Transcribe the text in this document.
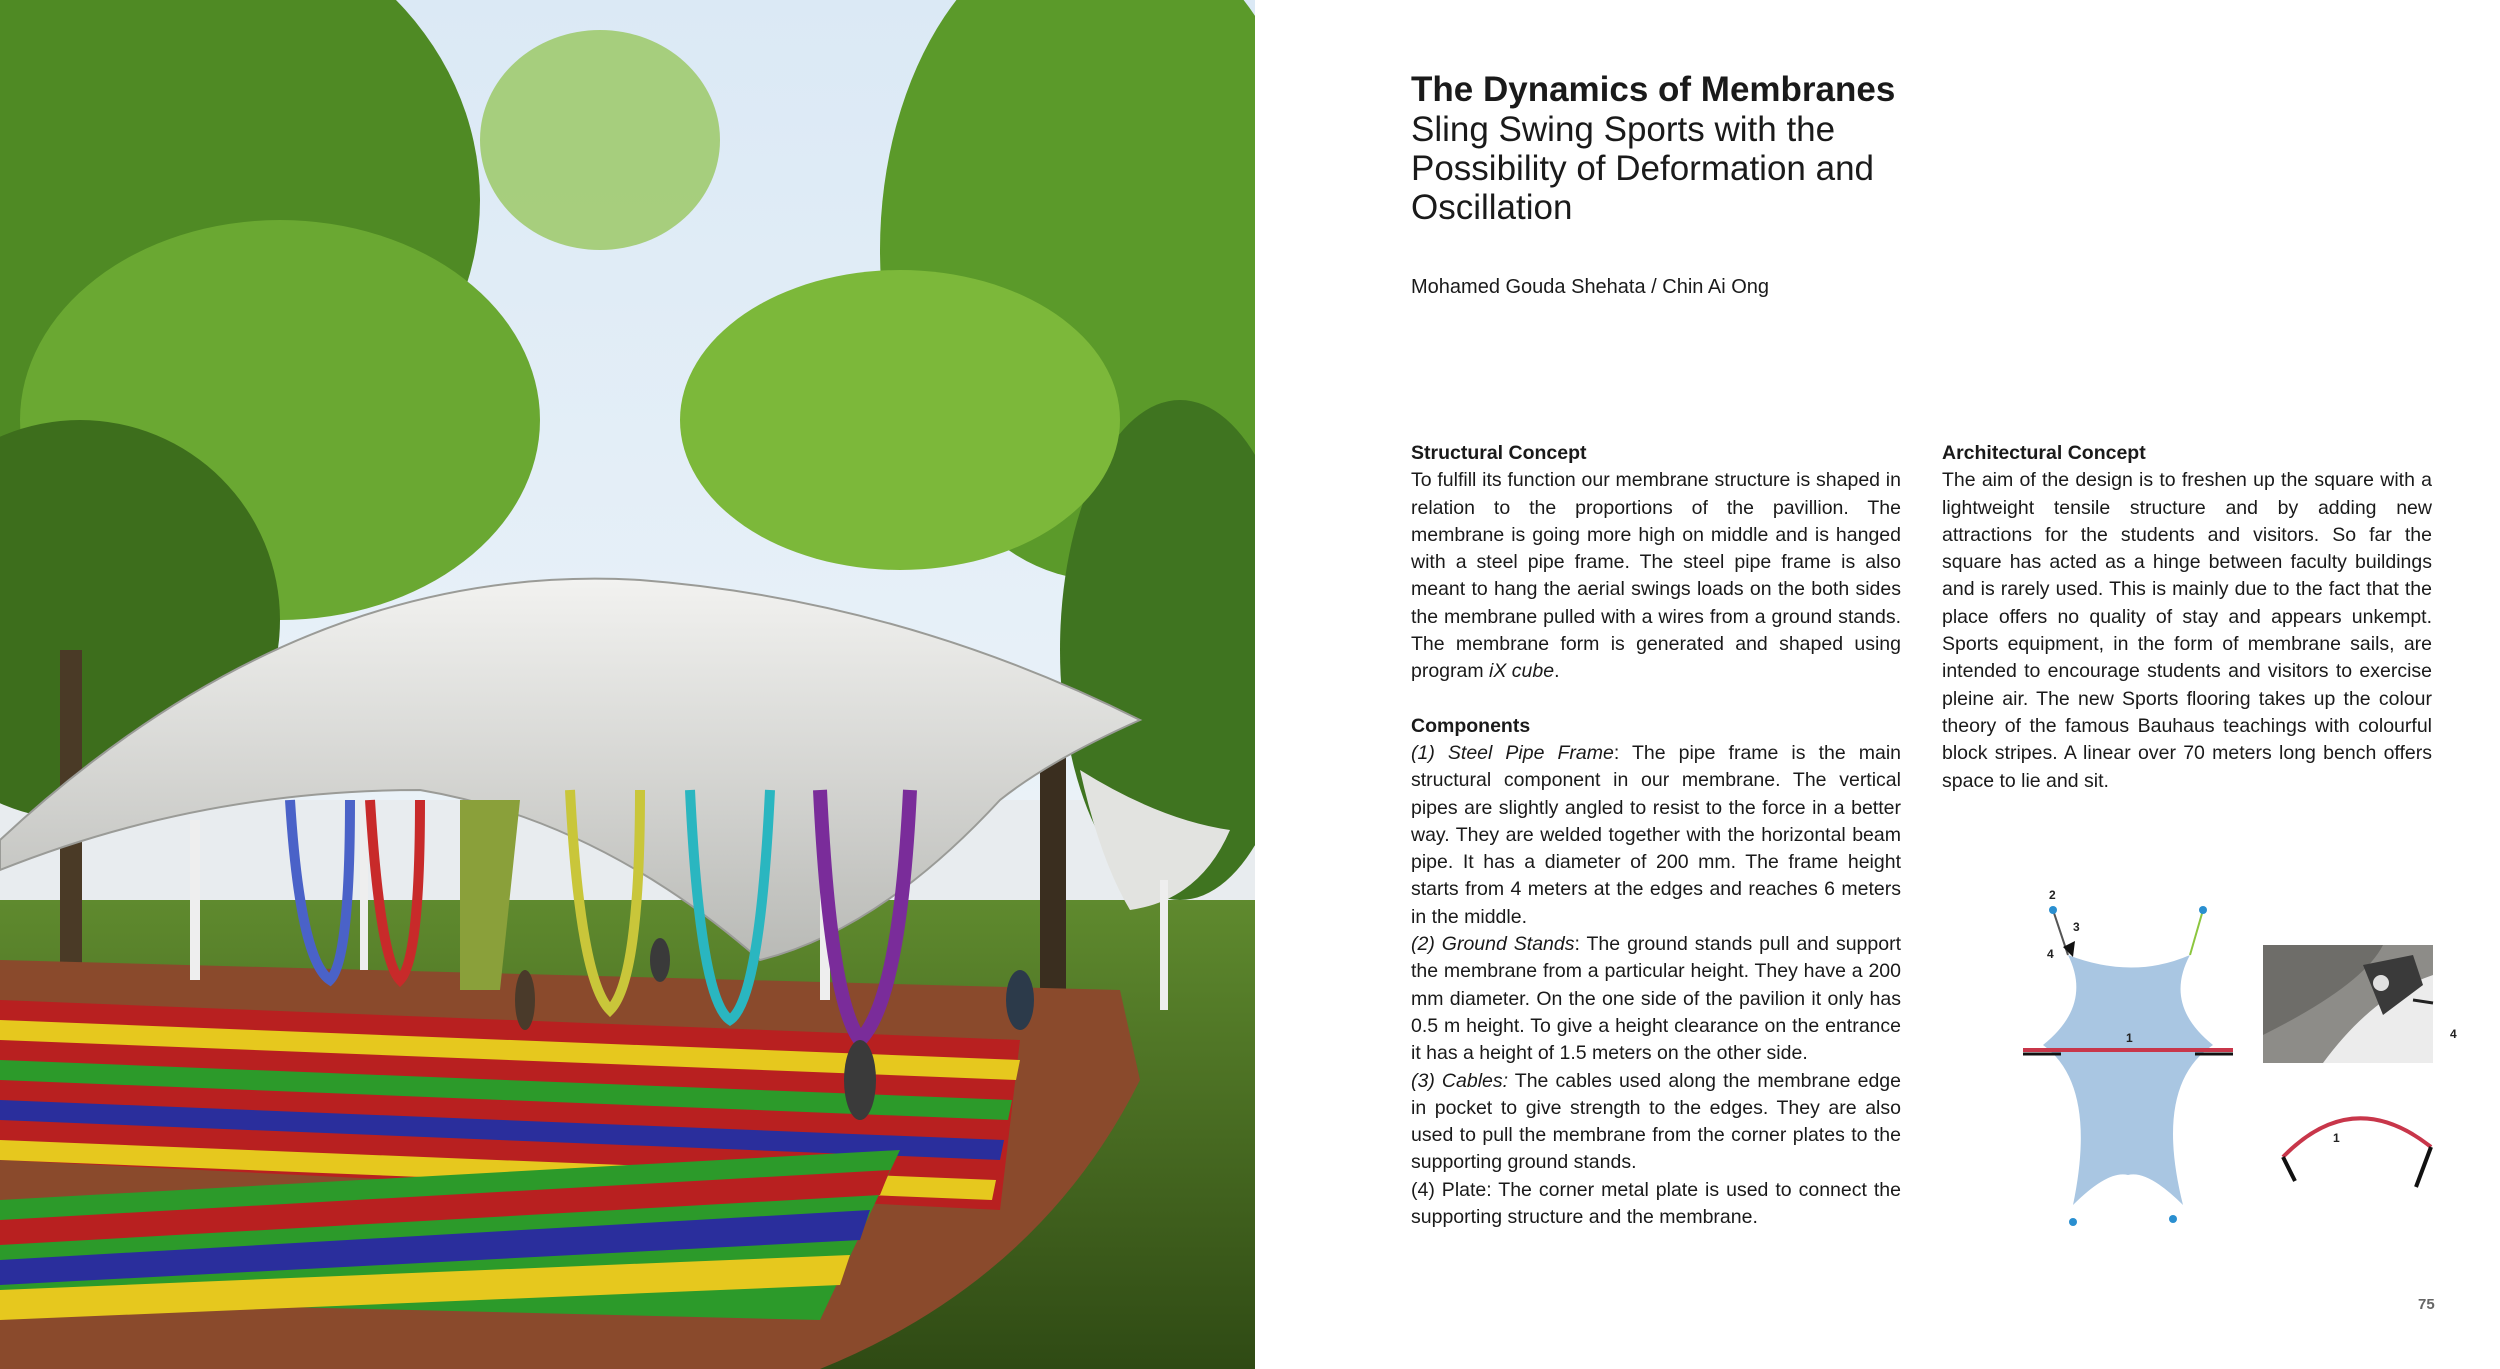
The Dynamics of Membranes
Sling Swing Sports with the
Possibility of Deformation and
Oscillation
Mohamed Gouda Shehata / Chin Ai Ong
Structural Concept

To fulfill its function our membrane structure is shaped in relation to the proportions of the pavillion. The membrane is going more high on middle and is hanged with a steel pipe frame. The steel pipe frame is also meant to hang the aerial swings loads on the both sides the membrane pulled with a wires from a ground stands. The membrane form is generated and shaped using program iX cube.

Components

(1) Steel Pipe Frame: The pipe frame is the main structural component in our membrane. The vertical pipes are slightly angled to resist to the force in a better way. They are welded together with the horizontal beam pipe. It has a diameter of 200 mm. The frame height starts from 4 meters at the edges and reaches 6 meters in the middle.

(2) Ground Stands: The ground stands pull and support the membrane from a particular height. They have a 200 mm diameter. On the one side of the pavilion it only has 0.5 m height. To give a height clearance on the entrance it has a height of 1.5 meters on the other side.

(3) Cables: The cables used along the membrane edge in pocket to give strength to the edges. They are also used to pull the membrane from the corner plates to the supporting ground stands.

(4) Plate: The corner metal plate is used to connect the supporting structure and the membrane.

Architectural Concept

The aim of the design is to freshen up the square with a lightweight tensile structure and by adding new attractions for the students and visitors. So far the square has acted as a hinge between faculty buildings and is rarely used. This is mainly due to the fact that the place offers no quality of stay and appears unkempt. Sports equipment, in the form of membrane sails, are intended to encourage students and visitors to exercise pleine air. The new Sports flooring takes up the colour theory of the famous Bauhaus teachings with colourful block stripes. A linear over 70 meters long bench offers space to lie and sit.

1
2
3
4
4
1
75
